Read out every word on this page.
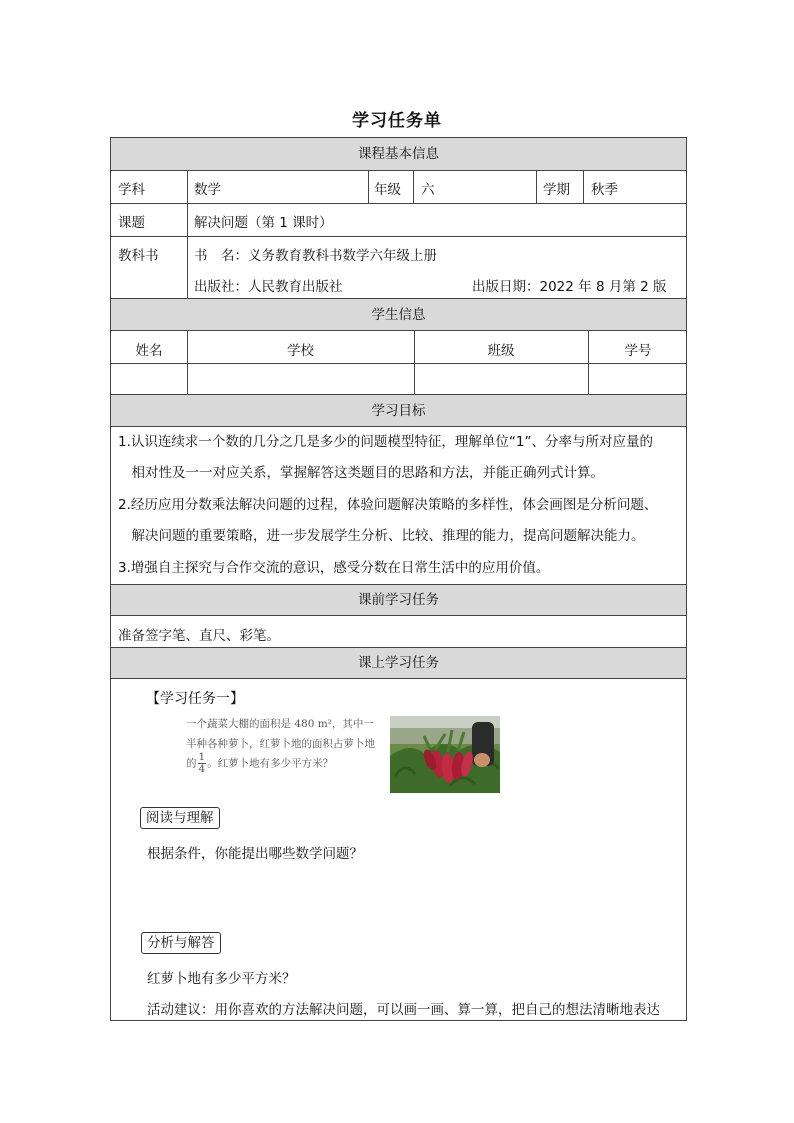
学习任务单
课程基本信息
学科	数学	年级 六	学期 秋季
课题	解决问题（第 1 课时）
教科书	书　名：义务教育教科书数学六年级上册
出版社：人民教育出版社	出版日期：2022 年 8 月第 2 版
学生信息
姓名	学校	班级	学号
学习目标
1.认识连续求一个数的几分之几是多少的问题模型特征，理解单位“1”、分率与所对应量的
　相对性及一一对应关系，掌握解答这类题目的思路和方法，并能正确列式计算。
2.经历应用分数乘法解决问题的过程，体验问题解决策略的多样性，体会画图是分析问题、
　解决问题的重要策略，进一步发展学生分析、比较、推理的能力，提高问题解决能力。
3.增强自主探究与合作交流的意识，感受分数在日常生活中的应用价值。
课前学习任务
准备签字笔、直尺、彩笔。
课上学习任务
【学习任务一】
一个蔬菜大棚的面积是 480 m²，其中一
半种各种萝卜，红萝卜地的面积占萝卜地
的 $\frac{1}{4}$ 。红萝卜地有多少平方米？
阅读与理解
根据条件，你能提出哪些数学问题？
分析与解答
红萝卜地有多少平方米？
活动建议：用你喜欢的方法解决问题，可以画一画、算一算，把自己的想法清晰地表达
